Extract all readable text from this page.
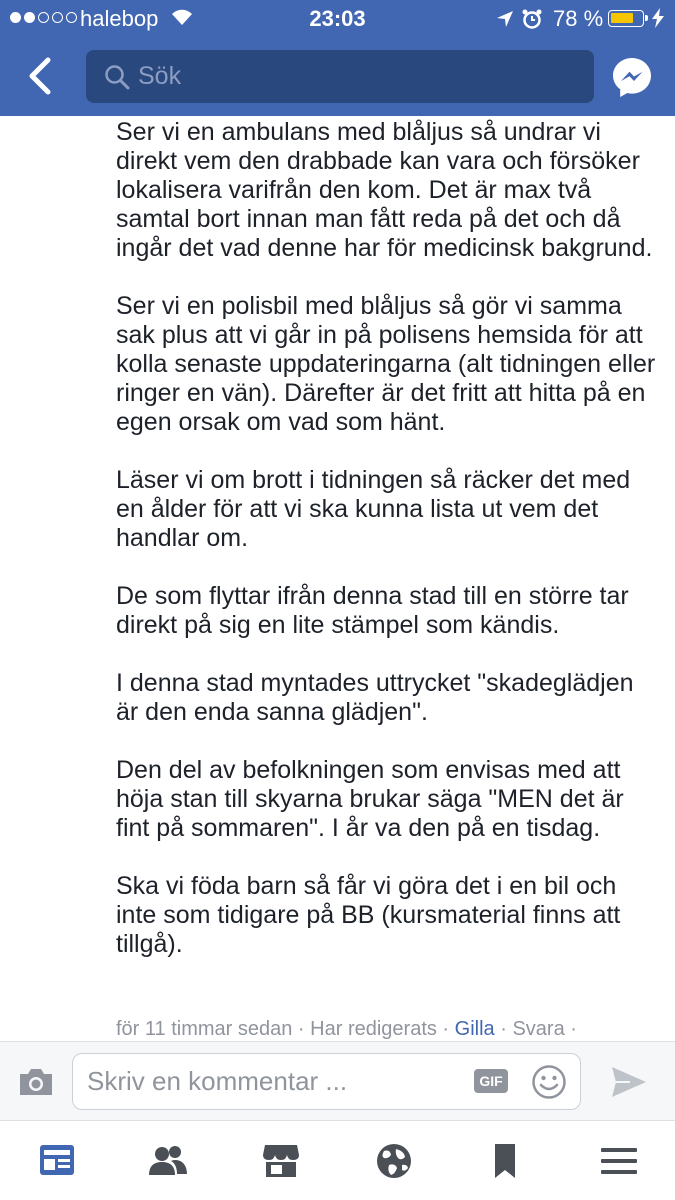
halebop	23:03	78 %
Sök

Ser vi en ambulans med blåljus så undrar vi direkt vem den drabbade kan vara och försöker lokalisera varifrån den kom. Det är max två samtal bort innan man fått reda på det och då ingår det vad denne har för medicinsk bakgrund.

Ser vi en polisbil med blåljus så gör vi samma sak plus att vi går in på polisens hemsida för att kolla senaste uppdateringarna (alt tidningen eller ringer en vän). Därefter är det fritt att hitta på en egen orsak om vad som hänt.

Läser vi om brott i tidningen så räcker det med en ålder för att vi ska kunna lista ut vem det handlar om.

De som flyttar ifrån denna stad till en större tar direkt på sig en lite stämpel som kändis.

I denna stad myntades uttrycket "skadeglädjen är den enda sanna glädjen".

Den del av befolkningen som envisas med att höja stan till skyarna brukar säga "MEN det är fint på sommaren". I år va den på en tisdag.

Ska vi föda barn så får vi göra det i en bil och inte som tidigare på BB (kursmaterial finns att tillgå).

för 11 timmar sedan · Har redigerats · Gilla · Svara ·
Skriv en kommentar ...	GIF
